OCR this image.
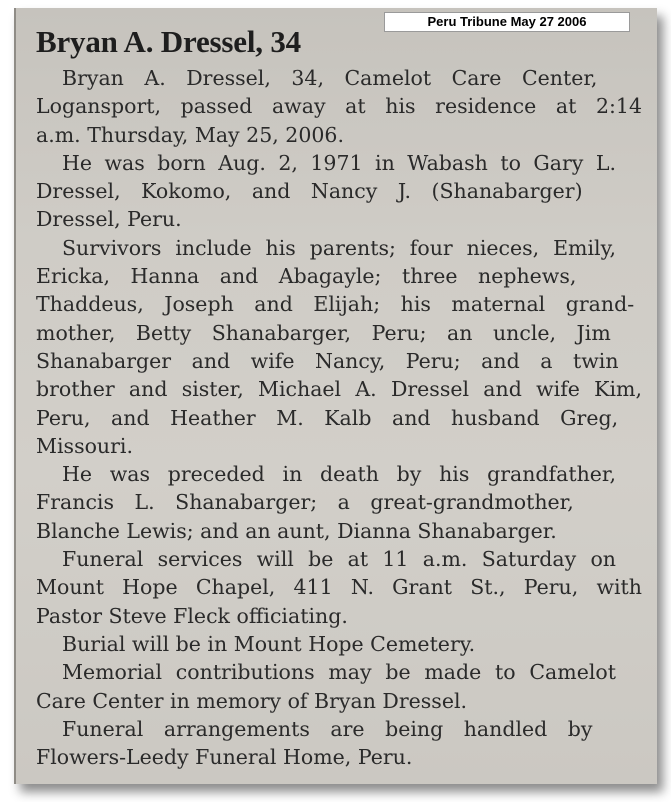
Bryan A. Dressel, 34
Bryan A. Dressel, 34, Camelot Care Center,
Logansport, passed away at his residence at 2:14
a.m. Thursday, May 25, 2006.
He was born Aug. 2, 1971 in Wabash to Gary L.
Dressel, Kokomo, and Nancy J. (Shanabarger)
Dressel, Peru.
Survivors include his parents; four nieces, Emily,
Ericka, Hanna and Abagayle; three nephews,
Thaddeus, Joseph and Elijah; his maternal grand-
mother, Betty Shanabarger, Peru; an uncle, Jim
Shanabarger and wife Nancy, Peru; and a twin
brother and sister, Michael A. Dressel and wife Kim,
Peru, and Heather M. Kalb and husband Greg,
Missouri.
He was preceded in death by his grandfather,
Francis L. Shanabarger; a great-grandmother,
Blanche Lewis; and an aunt, Dianna Shanabarger.
Funeral services will be at 11 a.m. Saturday on
Mount Hope Chapel, 411 N. Grant St., Peru, with
Pastor Steve Fleck officiating.
Burial will be in Mount Hope Cemetery.
Memorial contributions may be made to Camelot
Care Center in memory of Bryan Dressel.
Funeral arrangements are being handled by
Flowers-Leedy Funeral Home, Peru.
Peru Tribune May 27 2006
